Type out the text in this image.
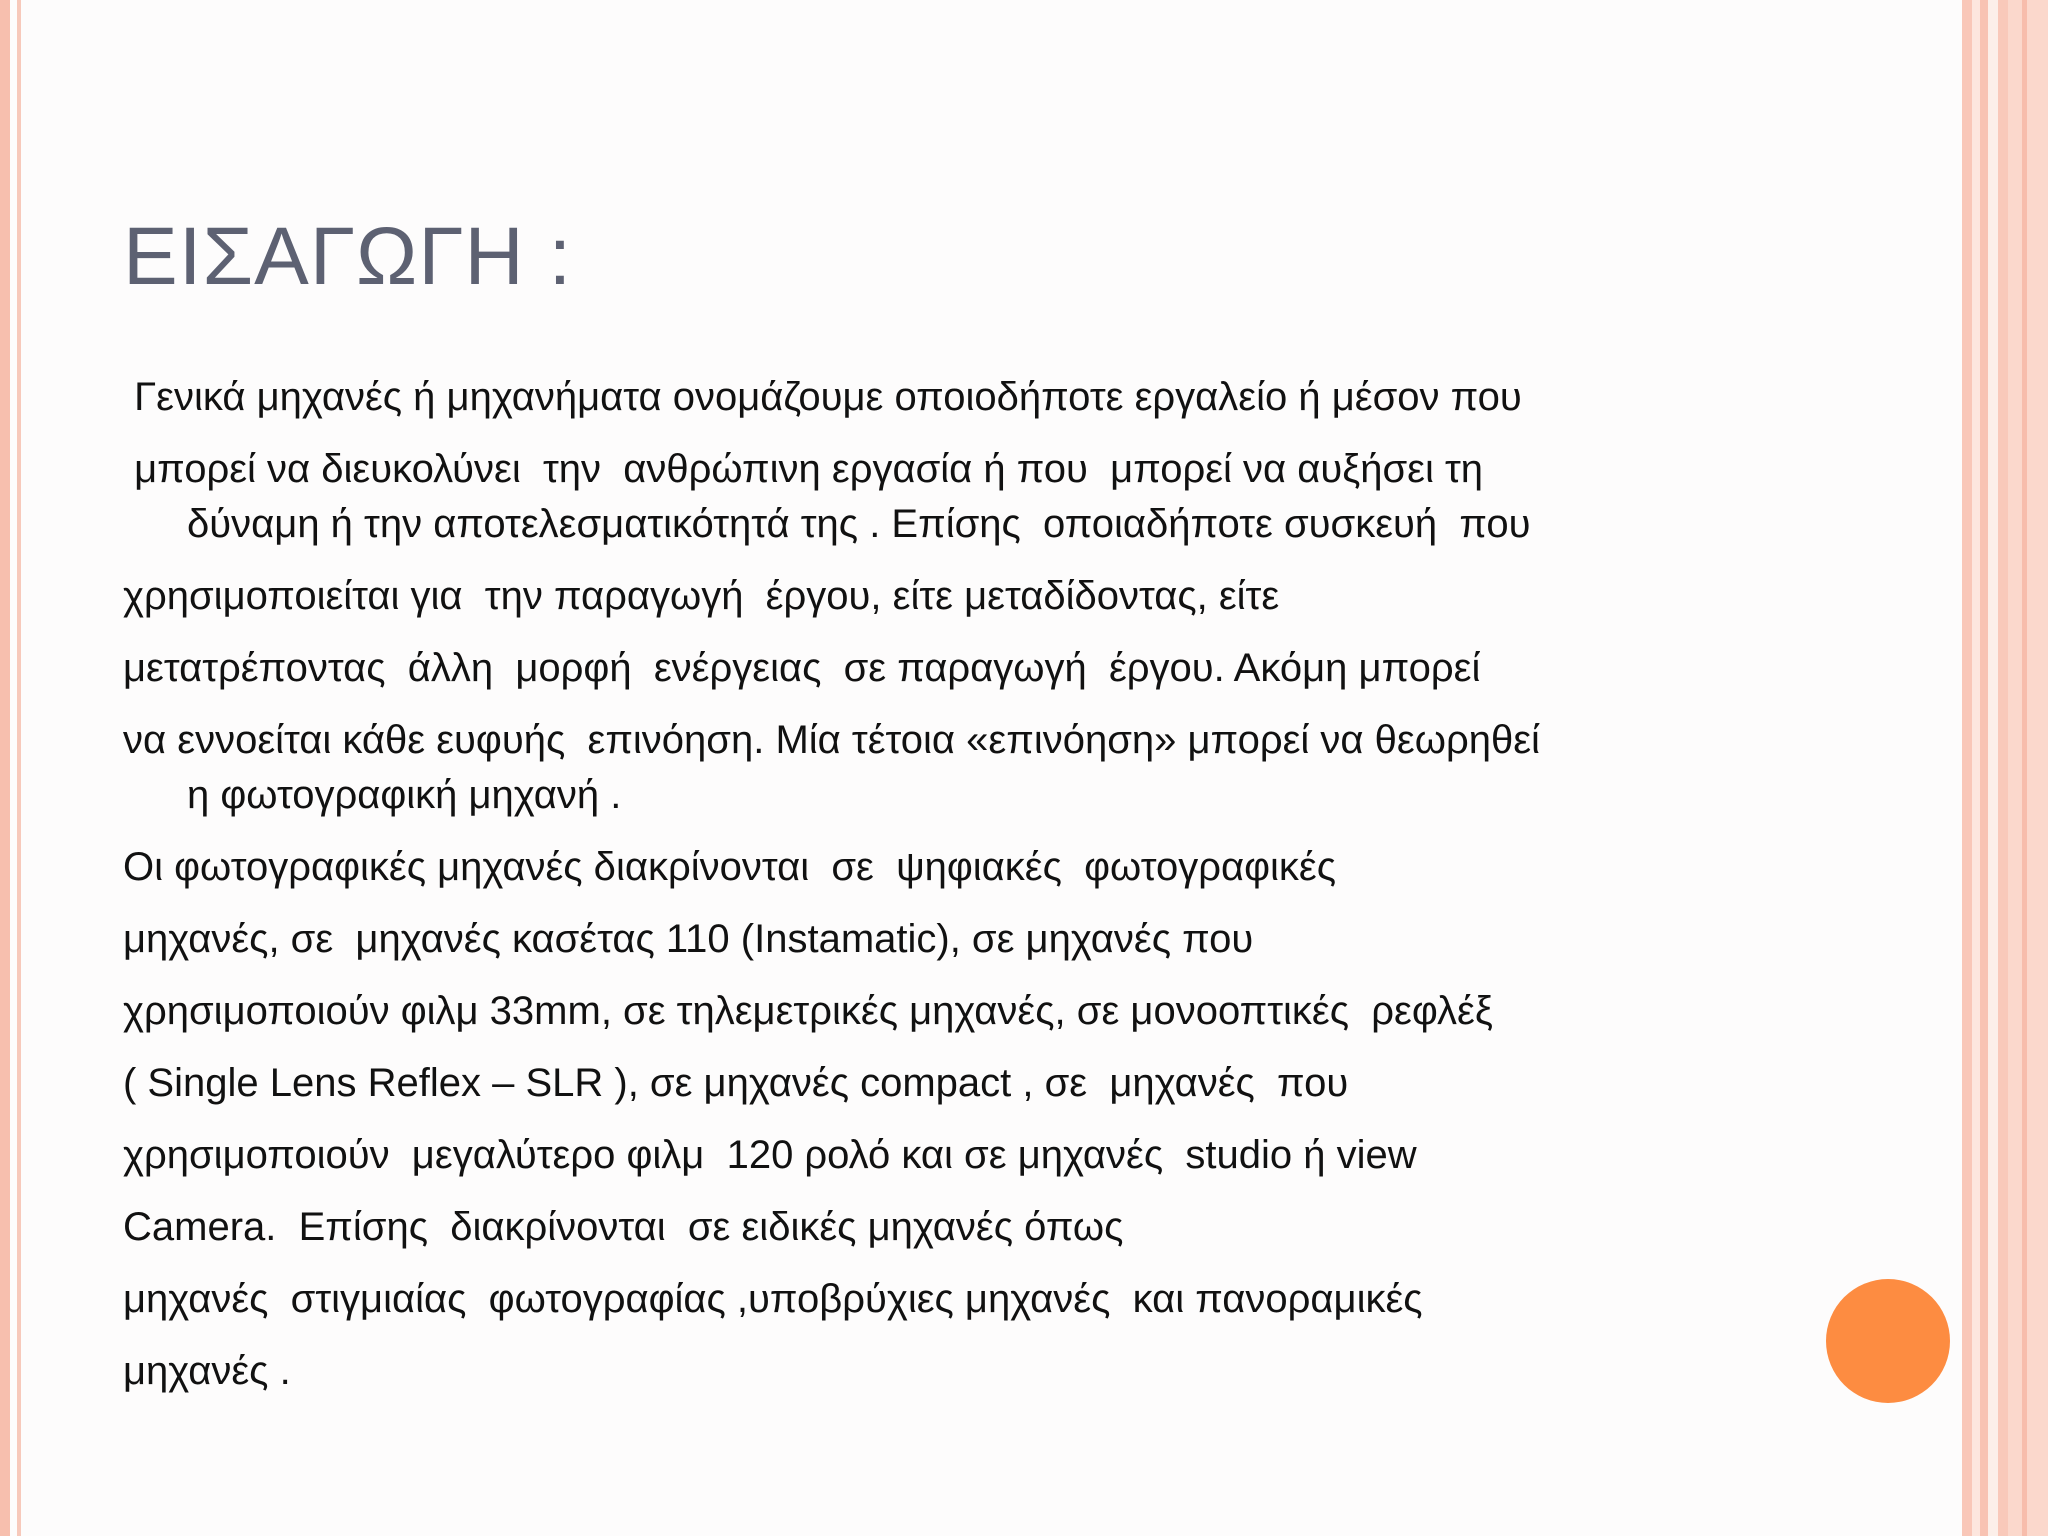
ΕΙΣΑΓΩΓΗ :

Γενικά μηχανές ή μηχανήματα ονομάζουμε οποιοδήποτε εργαλείο ή μέσον που

μπορεί να διευκολύνει  την  ανθρώπινη εργασία ή που  μπορεί να αυξήσει τη

δύναμη ή την αποτελεσματικότητά της . Επίσης  οποιαδήποτε συσκευή  που

χρησιμοποιείται για  την παραγωγή  έργου, είτε μεταδίδοντας, είτε

μετατρέποντας  άλλη  μορφή  ενέργειας  σε παραγωγή  έργου. Ακόμη μπορεί

να εννοείται κάθε ευφυής  επινόηση. Μία τέτοια «επινόηση» μπορεί να θεωρηθεί

η φωτογραφική μηχανή .

Οι φωτογραφικές μηχανές διακρίνονται  σε  ψηφιακές  φωτογραφικές

μηχανές, σε  μηχανές κασέτας 110 (Instamatic), σε μηχανές που

χρησιμοποιούν φιλμ 33mm, σε τηλεμετρικές μηχανές, σε μονοοπτικές  ρεφλέξ

( Single Lens Reflex – SLR ), σε μηχανές compact , σε  μηχανές  που

χρησιμοποιούν  μεγαλύτερο φιλμ  120 ρολό και σε μηχανές  studio ή view

Camera.  Επίσης  διακρίνονται  σε ειδικές μηχανές όπως

μηχανές  στιγμιαίας  φωτογραφίας ,υποβρύχιες μηχανές  και πανοραμικές

μηχανές .
